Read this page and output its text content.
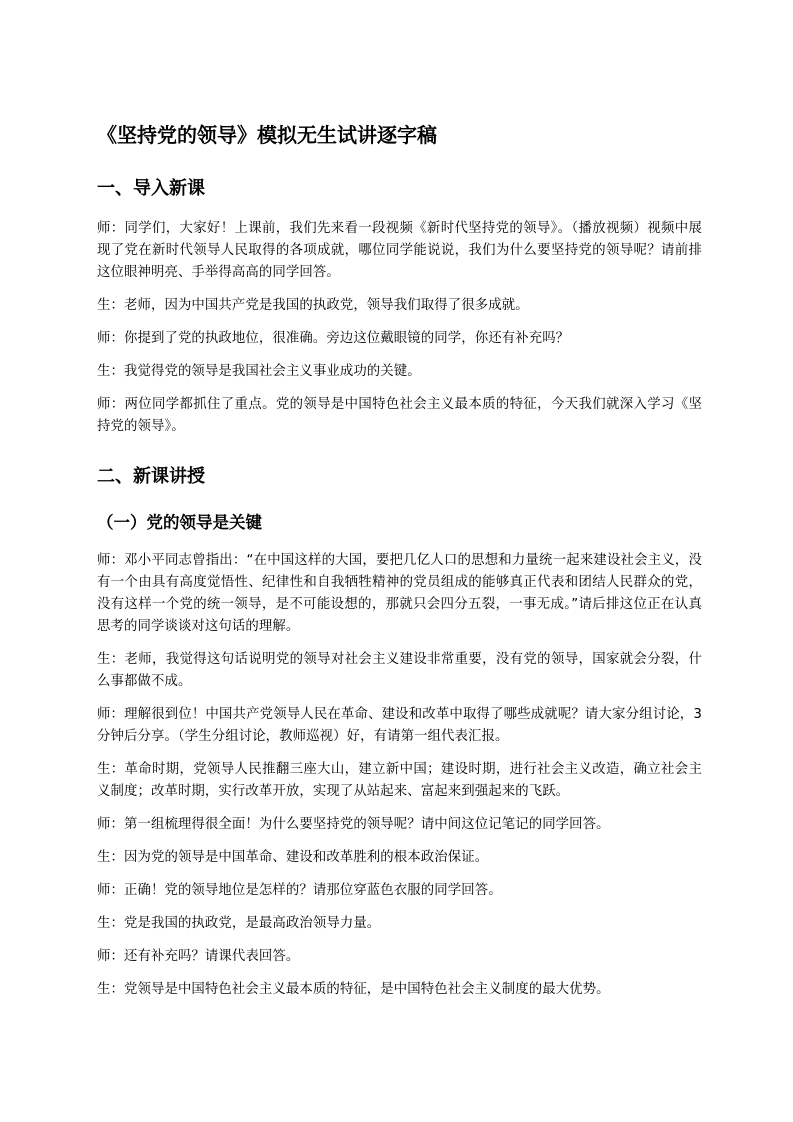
《坚持党的领导》模拟无生试讲逐字稿
一、导入新课

师：同学们，大家好！上课前，我们先来看一段视频《新时代坚持党的领导》。（播放视频）视频中展现了党在新时代领导人民取得的各项成就，哪位同学能说说，我们为什么要坚持党的领导呢？请前排这位眼神明亮、手举得高高的同学回答。

生：老师，因为中国共产党是我国的执政党，领导我们取得了很多成就。

师：你提到了党的执政地位，很准确。旁边这位戴眼镜的同学，你还有补充吗？

生：我觉得党的领导是我国社会主义事业成功的关键。

师：两位同学都抓住了重点。党的领导是中国特色社会主义最本质的特征，今天我们就深入学习《坚持党的领导》。

二、新课讲授
（一）党的领导是关键

师：邓小平同志曾指出：“在中国这样的大国，要把几亿人口的思想和力量统一起来建设社会主义，没有一个由具有高度觉悟性、纪律性和自我牺牲精神的党员组成的能够真正代表和团结人民群众的党，没有这样一个党的统一领导，是不可能设想的，那就只会四分五裂，一事无成。”请后排这位正在认真思考的同学谈谈对这句话的理解。

生：老师，我觉得这句话说明党的领导对社会主义建设非常重要，没有党的领导，国家就会分裂，什么事都做不成。

师：理解很到位！中国共产党领导人民在革命、建设和改革中取得了哪些成就呢？请大家分组讨论，3 分钟后分享。（学生分组讨论，教师巡视）好，有请第一组代表汇报。

生：革命时期，党领导人民推翻三座大山，建立新中国；建设时期，进行社会主义改造，确立社会主义制度；改革时期，实行改革开放，实现了从站起来、富起来到强起来的飞跃。

师：第一组梳理得很全面！为什么要坚持党的领导呢？请中间这位记笔记的同学回答。

生：因为党的领导是中国革命、建设和改革胜利的根本政治保证。

师：正确！党的领导地位是怎样的？请那位穿蓝色衣服的同学回答。

生：党是我国的执政党，是最高政治领导力量。

师：还有补充吗？请课代表回答。

生：党领导是中国特色社会主义最本质的特征，是中国特色社会主义制度的最大优势。
